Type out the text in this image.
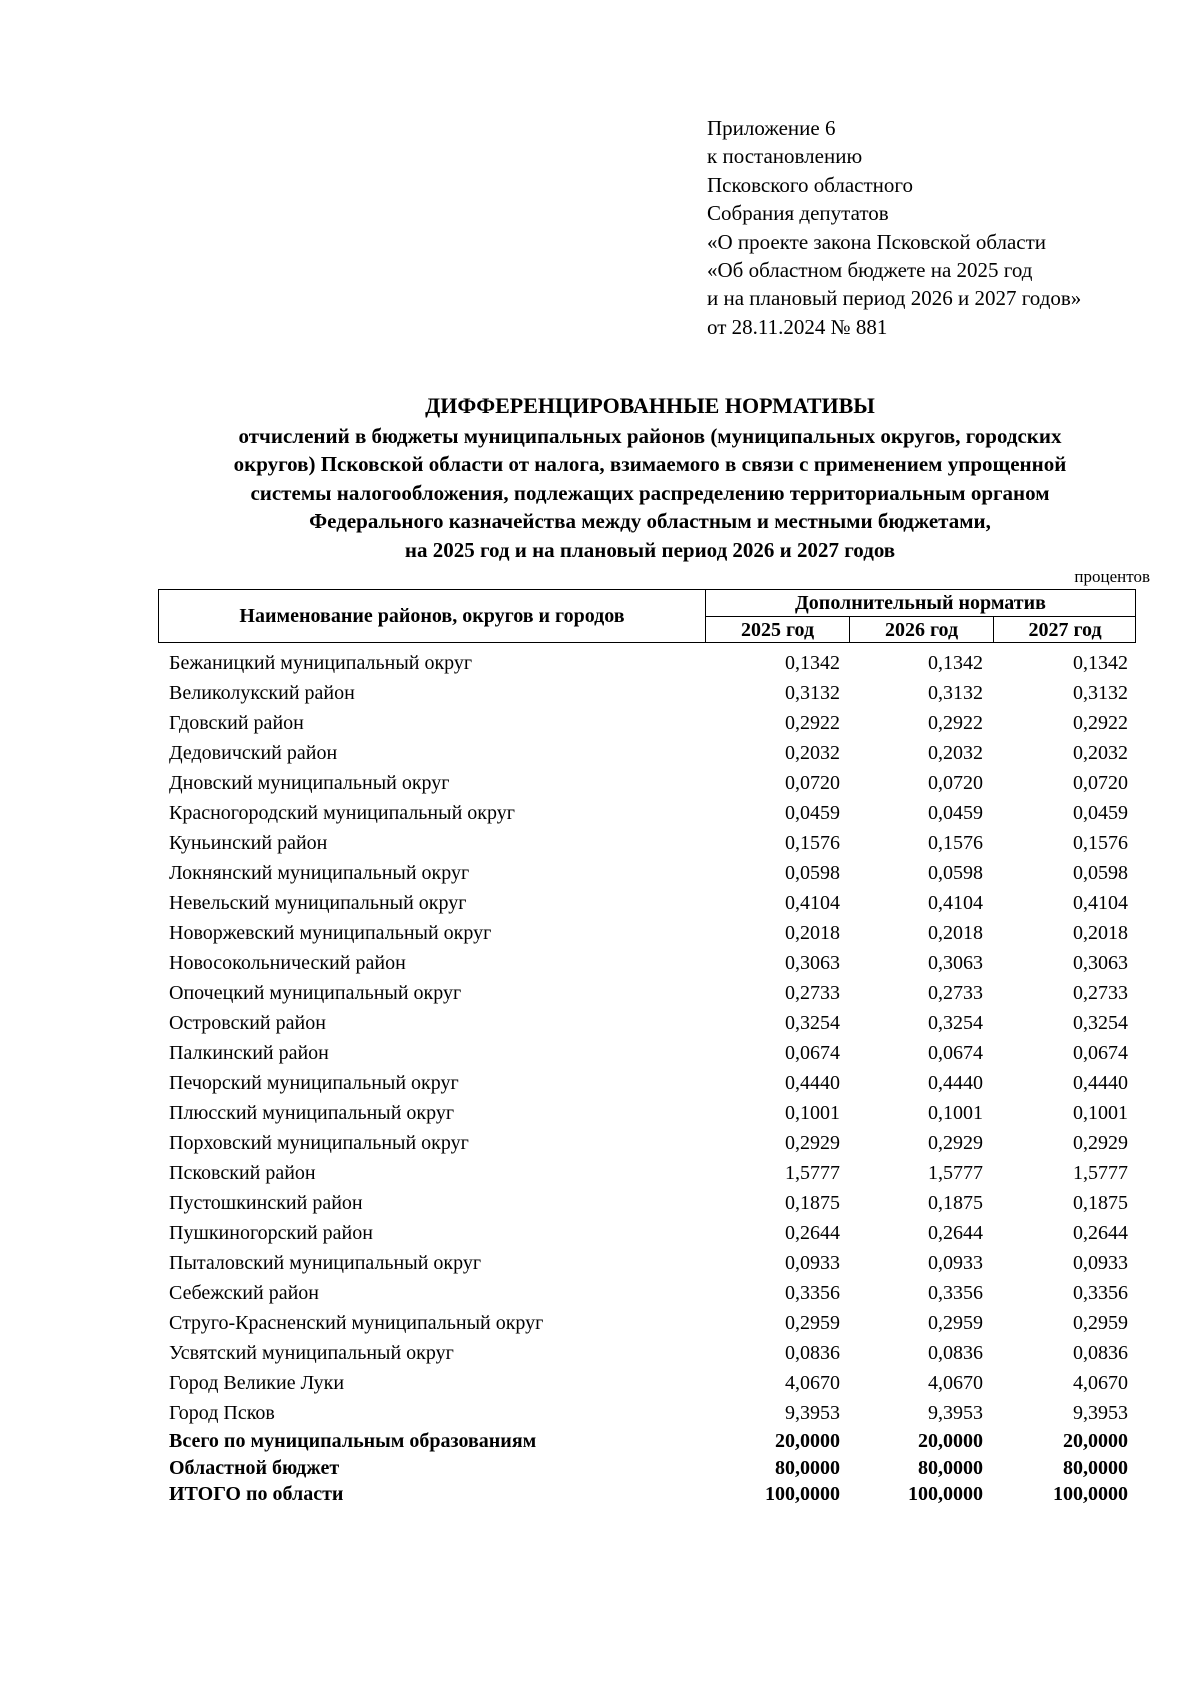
Приложение 6
к постановлению
Псковского областного
Собрания депутатов
«О проекте закона Псковской области
«Об областном бюджете на 2025 год
и на плановый период 2026 и 2027 годов»
от 28.11.2024 № 881
ДИФФЕРЕНЦИРОВАННЫЕ НОРМАТИВЫ
отчислений в бюджеты муниципальных районов (муниципальных округов, городских
округов) Псковской области от налога, взимаемого в связи с применением упрощенной
системы налогообложения, подлежащих распределению территориальным органом
Федерального казначейства между областным и местными бюджетами,
на 2025 год и на плановый период 2026 и 2027 годов
процентов
Наименование районов, округов и городов
Дополнительный норматив
2025 год	2026 год	2027 год
Бежаницкий муниципальный округ	0,1342	0,1342	0,1342
Великолукский район	0,3132	0,3132	0,3132
Гдовский район	0,2922	0,2922	0,2922
Дедовичский район	0,2032	0,2032	0,2032
Дновский муниципальный округ	0,0720	0,0720	0,0720
Красногородский муниципальный округ	0,0459	0,0459	0,0459
Куньинский район	0,1576	0,1576	0,1576
Локнянский муниципальный округ	0,0598	0,0598	0,0598
Невельский муниципальный округ	0,4104	0,4104	0,4104
Новоржевский муниципальный округ	0,2018	0,2018	0,2018
Новосокольнический район	0,3063	0,3063	0,3063
Опочецкий муниципальный округ	0,2733	0,2733	0,2733
Островский район	0,3254	0,3254	0,3254
Палкинский район	0,0674	0,0674	0,0674
Печорский муниципальный округ	0,4440	0,4440	0,4440
Плюсский муниципальный округ	0,1001	0,1001	0,1001
Порховский муниципальный округ	0,2929	0,2929	0,2929
Псковский район	1,5777	1,5777	1,5777
Пустошкинский район	0,1875	0,1875	0,1875
Пушкиногорский район	0,2644	0,2644	0,2644
Пыталовский муниципальный округ	0,0933	0,0933	0,0933
Себежский район	0,3356	0,3356	0,3356
Струго-Красненский муниципальный округ	0,2959	0,2959	0,2959
Усвятский муниципальный округ	0,0836	0,0836	0,0836
Город Великие Луки	4,0670	4,0670	4,0670
Город Псков	9,3953	9,3953	9,3953
Всего по муниципальным образованиям	20,0000	20,0000	20,0000
Областной бюджет	80,0000	80,0000	80,0000
ИТОГО по области	100,0000	100,0000	100,0000
